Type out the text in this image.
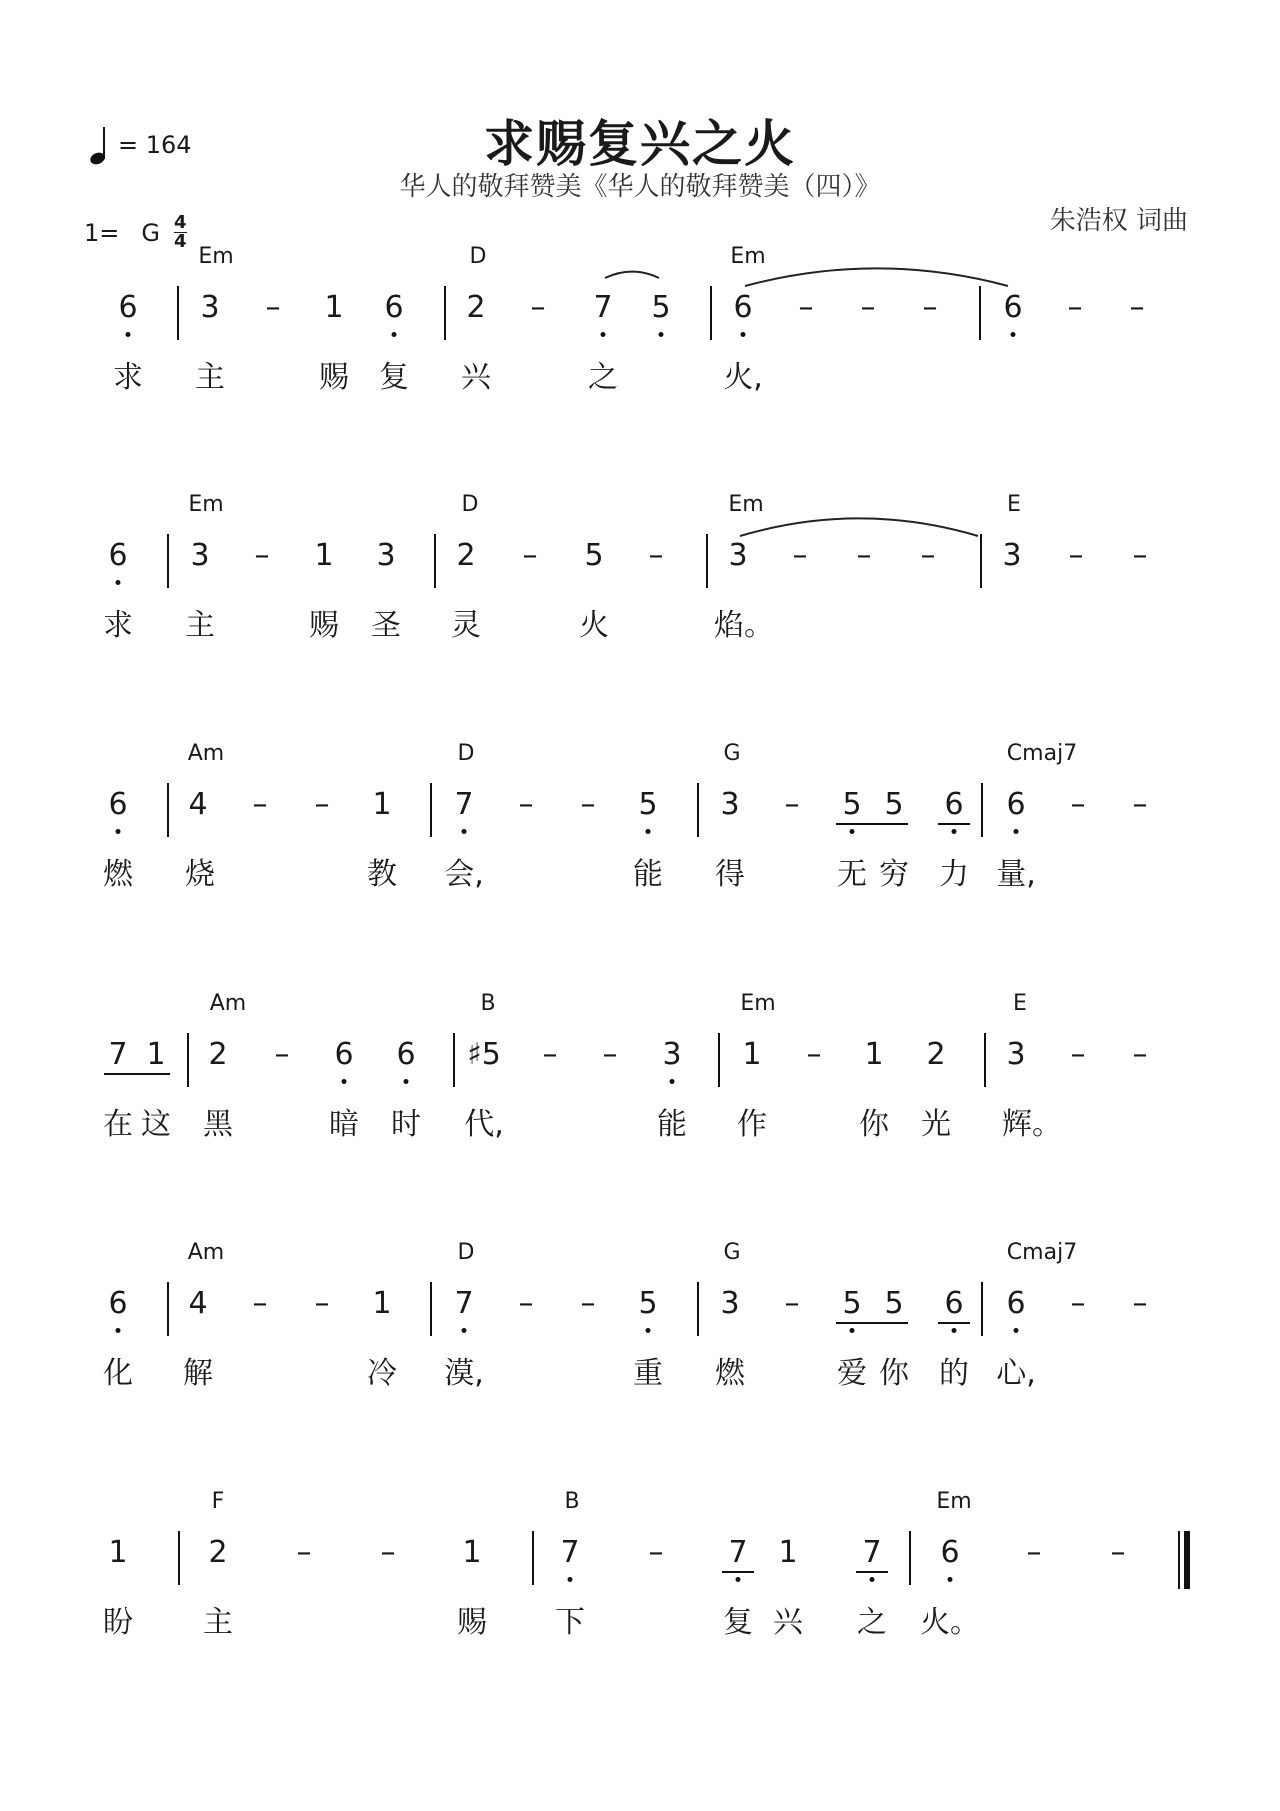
求赐复兴之火
华人的敬拜赞美《华人的敬拜赞美（四）》
朱浩权 词曲
= 164
1= G $\frac{4}{4}$
Em	D	Em
6 3 – 1 6 2 – 7 5 6 – – – 6 – –
求 主	赐 复 兴	之	火,
Em	D	Em	E
6 3 – 1 3 2 – 5 – 3 – – – 3 – –
求 主	赐 圣 灵	火	焰。
Am	D	G	Cmaj7
6 4 – – 1 7 – – 5 3 – 5 5 6 6 – –
燃 烧	教 会,	能 得	无 穷 力 量,
Am	B	Em	E
7 1 2 – 6 6 ♯5 – – 3 1 – 1 2 3 – –
在 这 黑	暗 时 代,	能 作	你 光 辉。
Am	D	G	Cmaj7
6 4 – – 1 7 – – 5 3 – 5 5 6 6 – –
化 解	冷 漠,	重 燃	爱 你 的 心,
F	B	Em
1	2 – – 1	7 – 7 1 7 6 – –
盼 主	赐 下	复 兴 之 火。
